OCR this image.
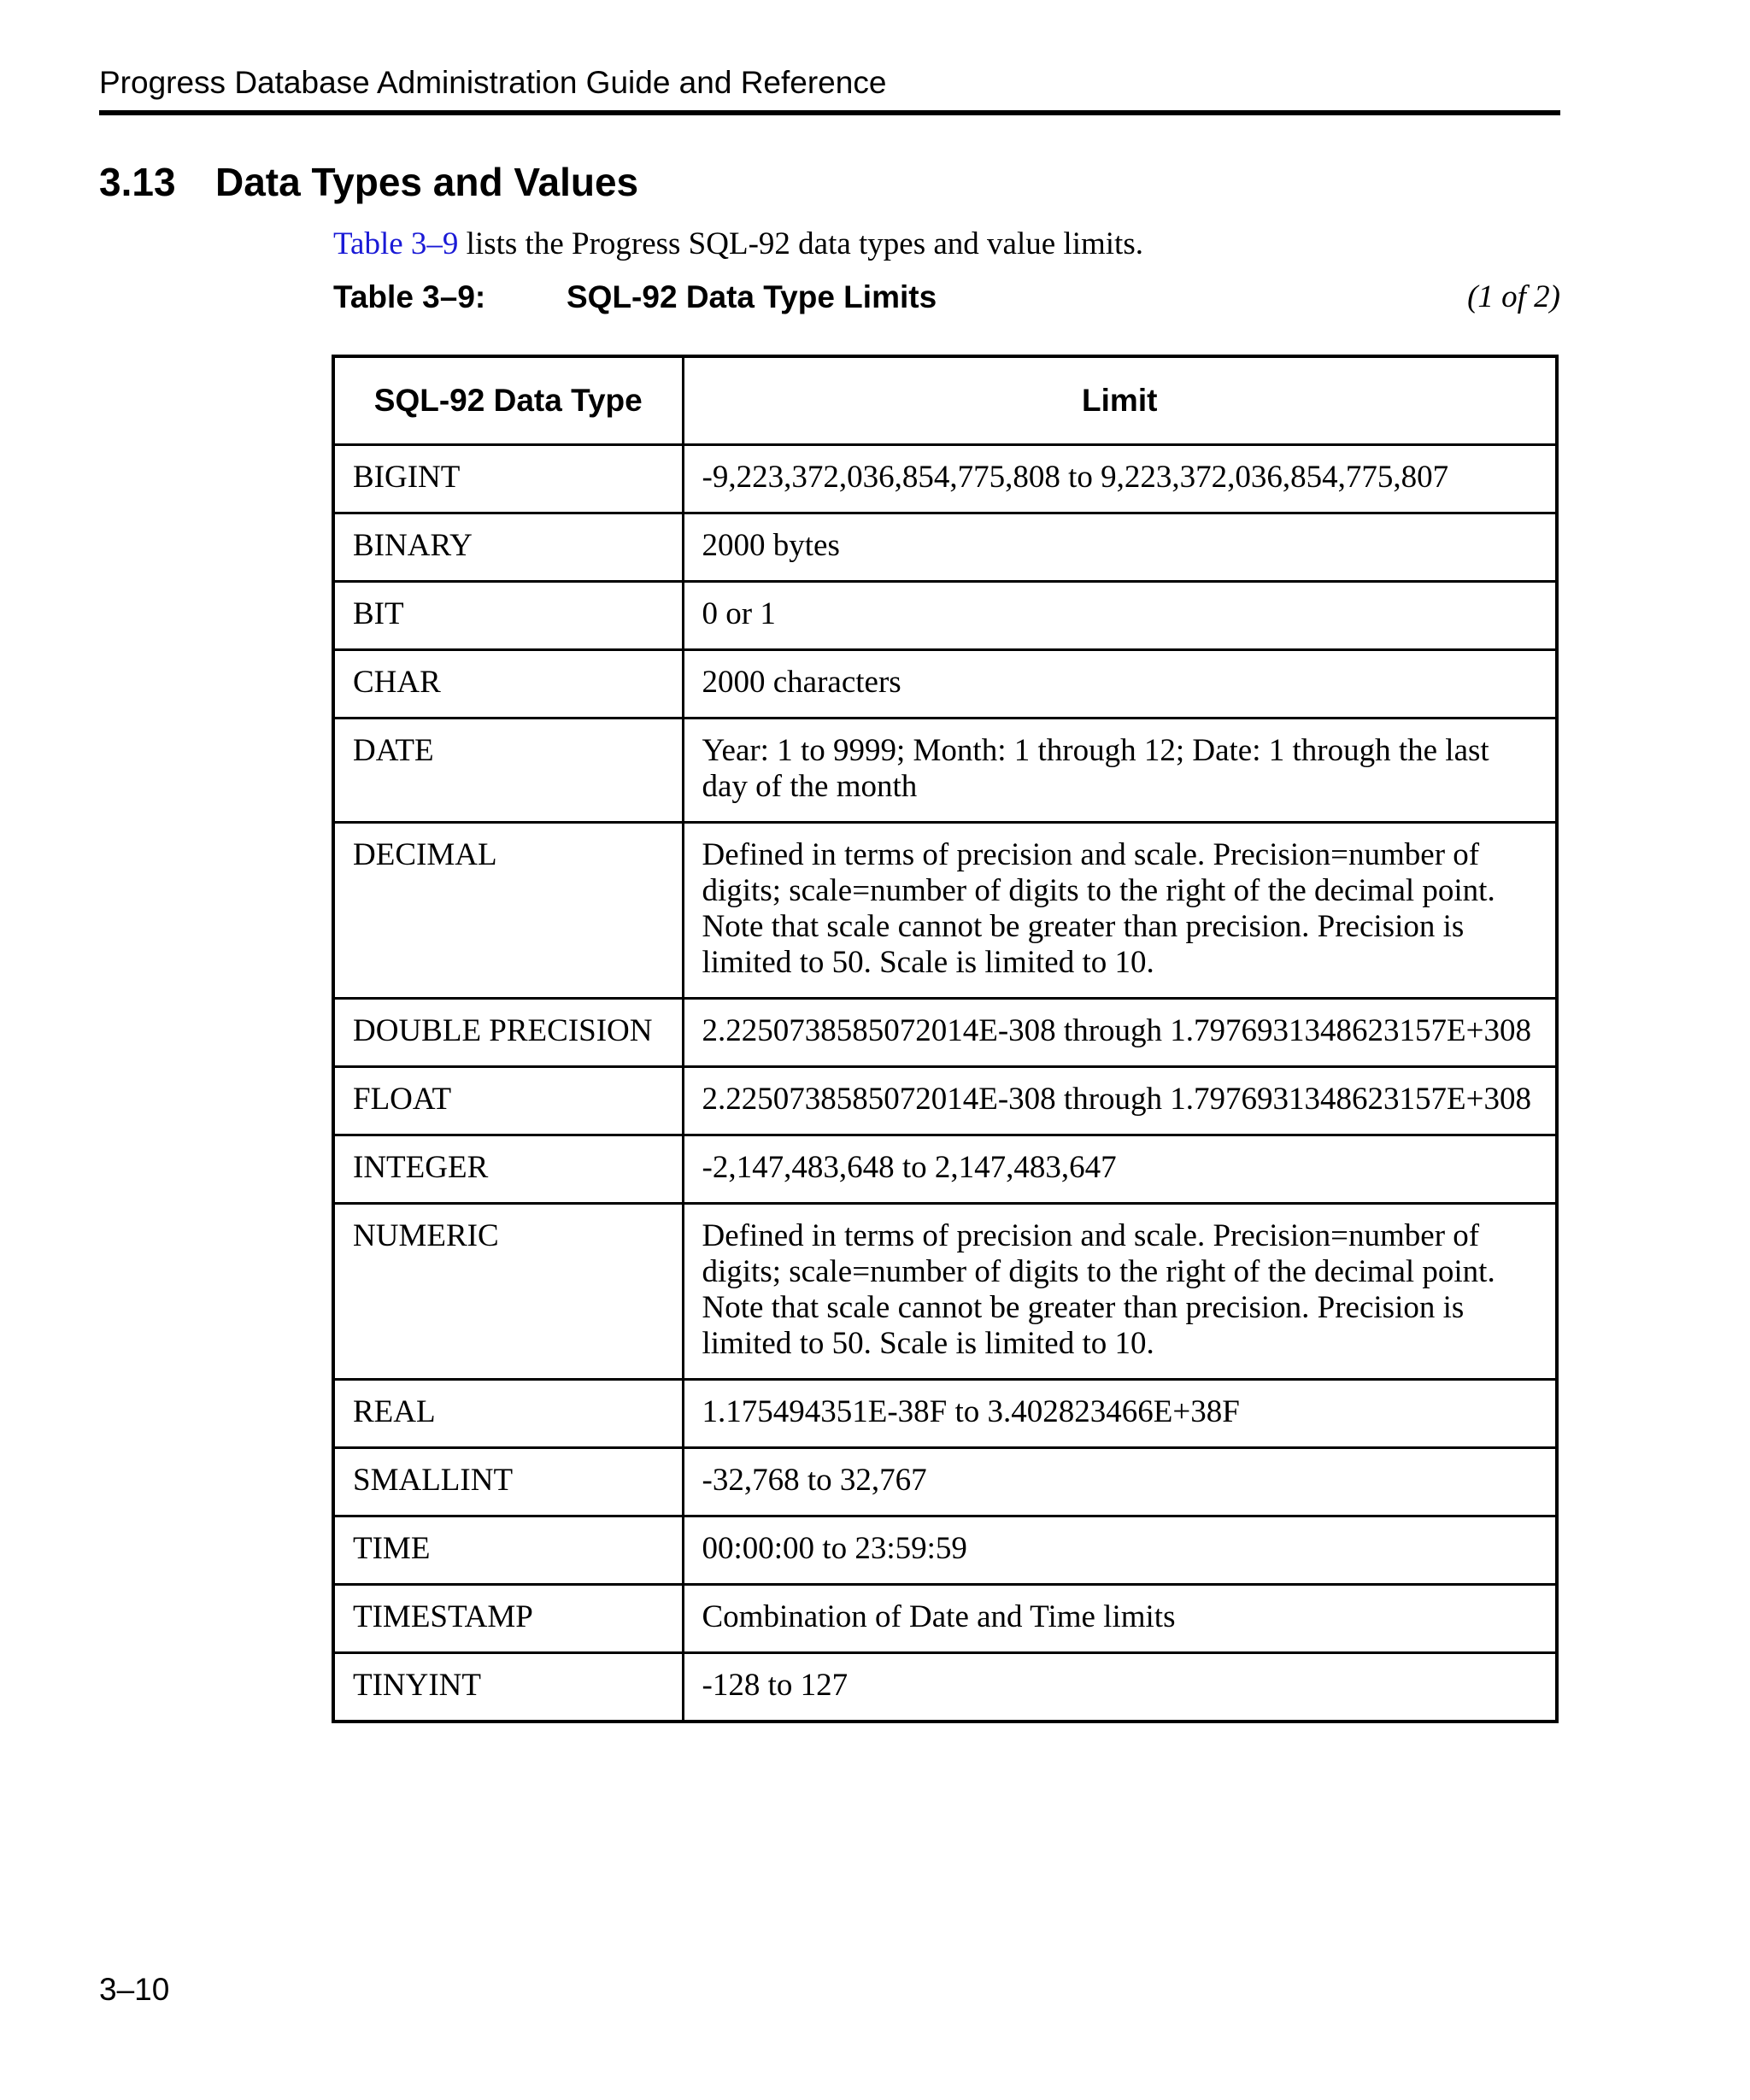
Progress Database Administration Guide and Reference
3.13 Data Types and Values
Table 3–9 lists the Progress SQL-92 data types and value limits.
Table 3–9:	SQL-92 Data Type Limits	(1 of 2)
SQL-92 Data Type	Limit
BIGINT	-9,223,372,036,854,775,808 to 9,223,372,036,854,775,807
BINARY	2000 bytes
BIT	0 or 1
CHAR	2000 characters
DATE	Year: 1 to 9999; Month: 1 through 12; Date: 1 through the last day of the month
DECIMAL	Defined in terms of precision and scale. Precision=number of digits; scale=number of digits to the right of the decimal point. Note that scale cannot be greater than precision. Precision is limited to 50. Scale is limited to 10.
DOUBLE PRECISION	2.2250738585072014E-308 through 1.7976931348623157E+308
FLOAT	2.2250738585072014E-308 through 1.7976931348623157E+308
INTEGER	-2,147,483,648 to 2,147,483,647
NUMERIC	Defined in terms of precision and scale. Precision=number of digits; scale=number of digits to the right of the decimal point. Note that scale cannot be greater than precision. Precision is limited to 50. Scale is limited to 10.
REAL	1.175494351E-38F to 3.402823466E+38F
SMALLINT	-32,768 to 32,767
TIME	00:00:00 to 23:59:59
TIMESTAMP	Combination of Date and Time limits
TINYINT	-128 to 127
3–10
